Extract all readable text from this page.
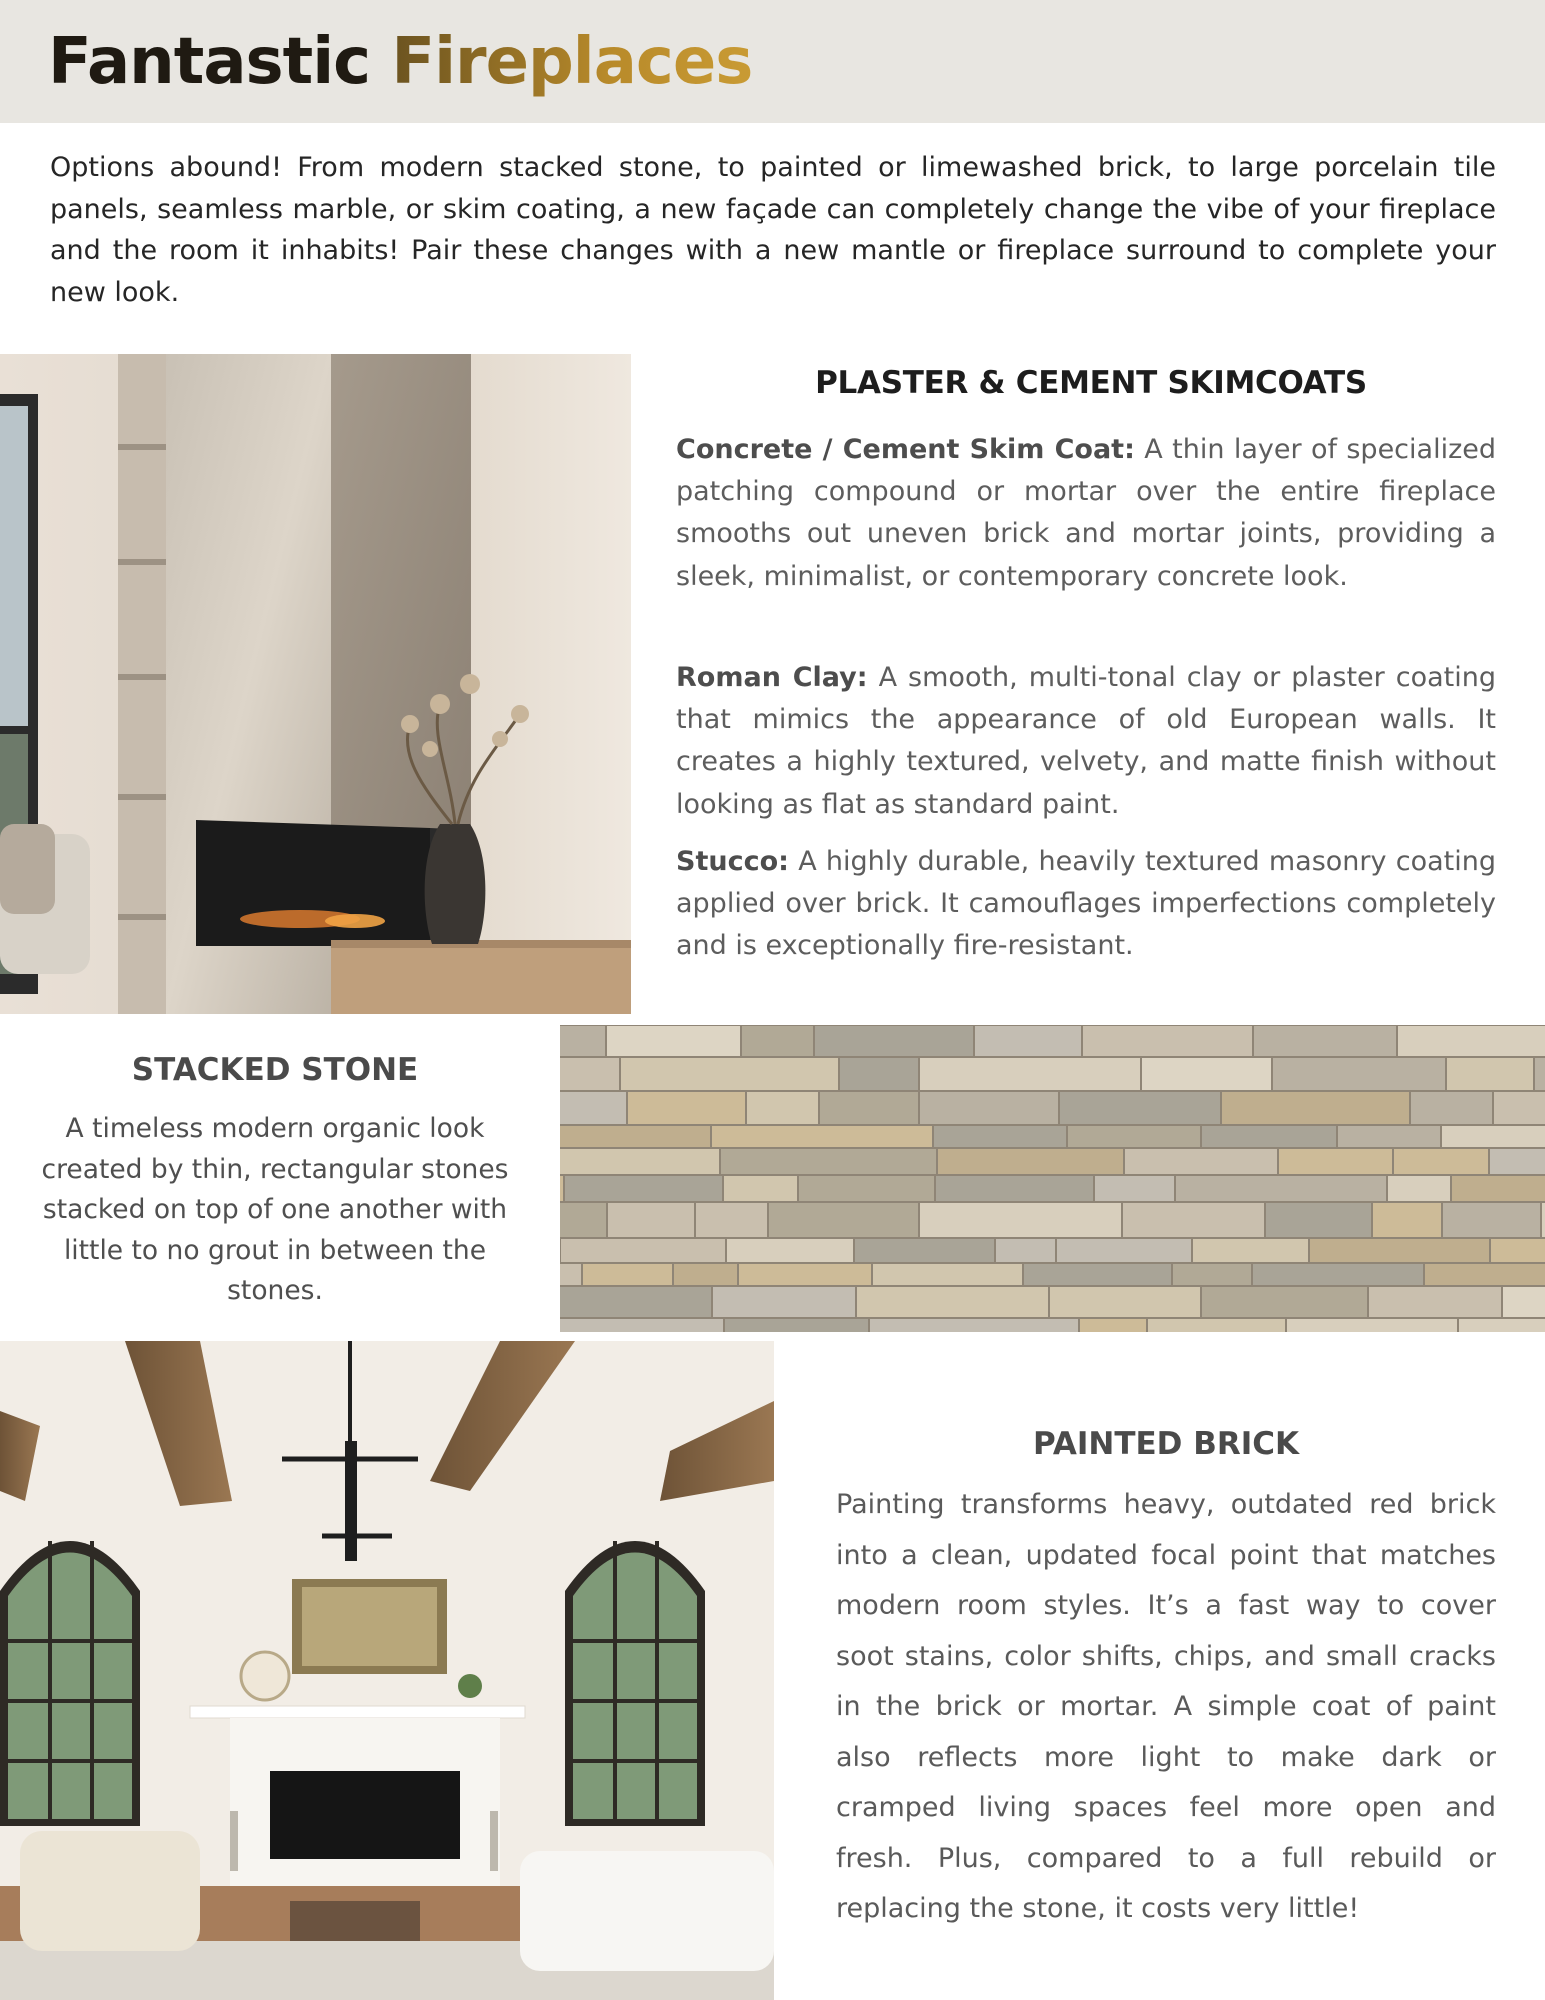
Fantastic Fireplaces

Options abound! From modern stacked stone, to painted or limewashed brick, to large porcelain tile panels, seamless marble, or skim coating, a new façade can completely change the vibe of your fireplace and the room it inhabits! Pair these changes with a new mantle or fireplace surround to complete your new look.

PLASTER & CEMENT SKIMCOATS

Concrete / Cement Skim Coat: A thin layer of specialized patching compound or mortar over the entire fireplace smooths out uneven brick and mortar joints, providing a sleek, minimalist, or contemporary concrete look.

Roman Clay: A smooth, multi-tonal clay or plaster coating that mimics the appearance of old European walls. It creates a highly textured, velvety, and matte finish without looking as flat as standard paint.

Stucco: A highly durable, heavily textured masonry coating applied over brick. It camouflages imperfections completely and is exceptionally fire-resistant.

STACKED STONE

A timeless modern organic look created by thin, rectangular stones stacked on top of one another with little to no grout in between the stones.

PAINTED BRICK

Painting transforms heavy, outdated red brick into a clean, updated focal point that matches modern room styles. It’s a fast way to cover soot stains, color shifts, chips, and small cracks in the brick or mortar. A simple coat of paint also reflects more light to make dark or cramped living spaces feel more open and fresh. Plus, compared to a full rebuild or replacing the stone, it costs very little!
